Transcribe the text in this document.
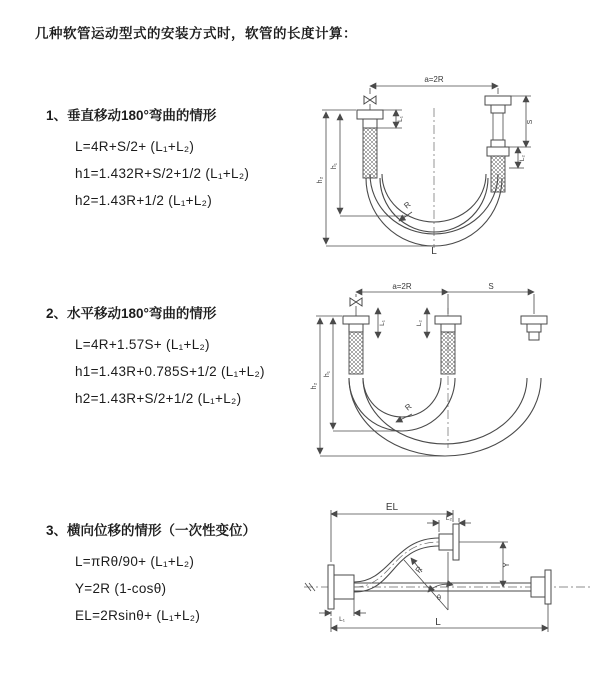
几种软管运动型式的安装方式时，软管的长度计算：
1、垂直移动180°弯曲的情形
L=4R+S/2+ (L₁+L₂)
h1=1.432R+S/2+1/2 (L₁+L₂)
h2=1.43R+1/2 (L₁+L₂)
a=2R
h₂
h₁
L₁
S
L₂
R
L
2、水平移动180°弯曲的情形
L=4R+1.57S+ (L₁+L₂)
h1=1.43R+0.785S+1/2 (L₁+L₂)
h2=1.43R+S/2+1/2 (L₁+L₂)
a=2R	S
h₂
h₁
L₁	L₂
R
3、横向位移的情形（一次性变位）
L=πRθ/90+ (L₁+L₂)
Y=2R (1-cosθ)
EL=2Rsinθ+ (L₁+L₂)
EL
L₂
Y
θ
R
L₁	L
